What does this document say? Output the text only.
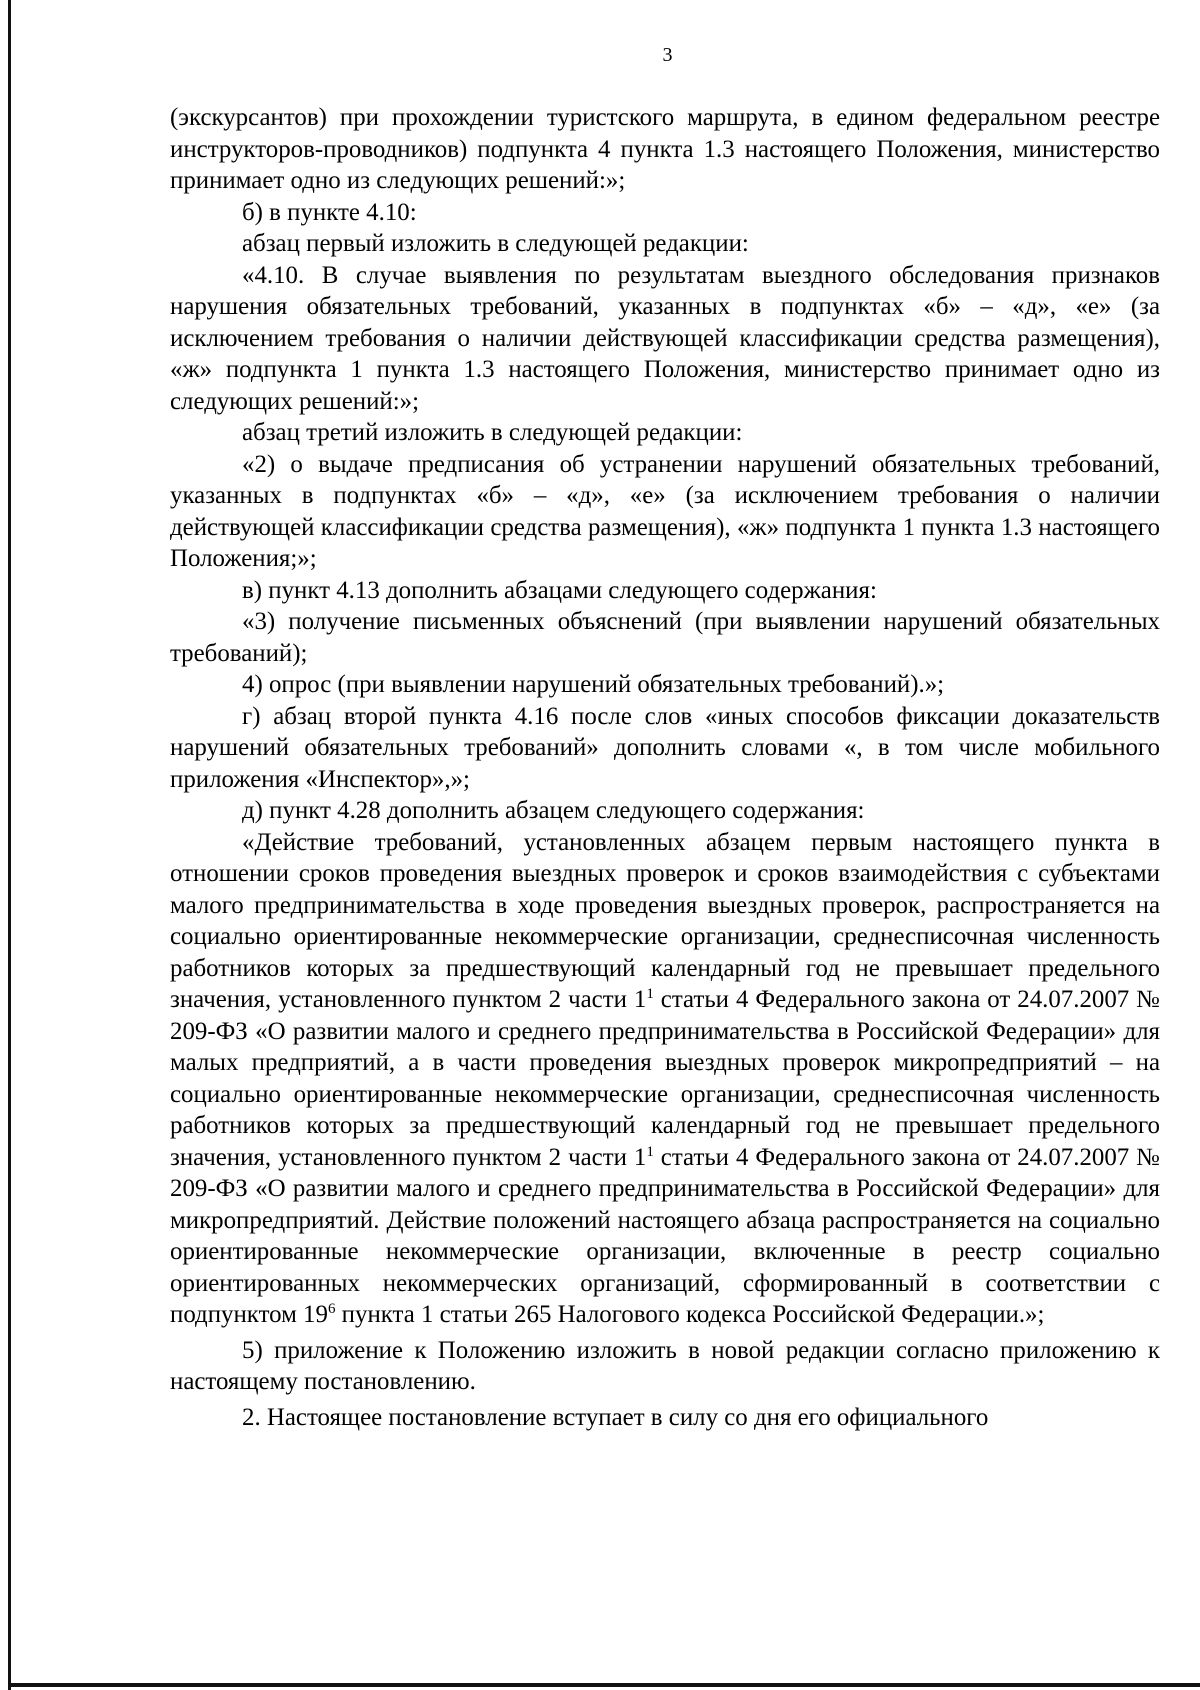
3

(экскурсантов) при прохождении туристского маршрута, в едином федеральном реестре инструкторов-проводников) подпункта 4 пункта 1.3 настоящего Положения, министерство принимает одно из следующих решений:»;

б) в пункте 4.10:

абзац первый изложить в следующей редакции:

«4.10. В случае выявления по результатам выездного обследования признаков нарушения обязательных требований, указанных в подпунктах «б» – «д», «е» (за исключением требования о наличии действующей классификации средства размещения), «ж» подпункта 1 пункта 1.3 настоящего Положения, министерство принимает одно из следующих решений:»;

абзац третий изложить в следующей редакции:

«2) о выдаче предписания об устранении нарушений обязательных требований, указанных в подпунктах «б» – «д», «е» (за исключением требования о наличии действующей классификации средства размещения), «ж» подпункта 1 пункта 1.3 настоящего Положения;»;

в) пункт 4.13 дополнить абзацами следующего содержания:

«3) получение письменных объяснений (при выявлении нарушений обязательных требований);

4) опрос (при выявлении нарушений обязательных требований).»;

г) абзац второй пункта 4.16 после слов «иных способов фиксации доказательств нарушений обязательных требований» дополнить словами «, в том числе мобильного приложения «Инспектор»,»;

д) пункт 4.28 дополнить абзацем следующего содержания:

«Действие требований, установленных абзацем первым настоящего пункта в отношении сроков проведения выездных проверок и сроков взаимодействия с субъектами малого предпринимательства в ходе проведения выездных проверок, распространяется на социально ориентированные некоммерческие организации, среднесписочная численность работников которых за предшествующий календарный год не превышает предельного значения, установленного пунктом 2 части $1^1$ статьи 4 Федерального закона от 24.07.2007 № 209-ФЗ «О развитии малого и среднего предпринимательства в Российской Федерации» для малых предприятий, а в части проведения выездных проверок микропредприятий – на социально ориентированные некоммерческие организации, среднесписочная численность работников которых за предшествующий календарный год не превышает предельного значения, установленного пунктом 2 части $1^1$ статьи 4 Федерального закона от 24.07.2007 № 209-ФЗ «О развитии малого и среднего предпринимательства в Российской Федерации» для микропредприятий. Действие положений настоящего абзаца распространяется на социально ориентированные некоммерческие организации, включенные в реестр социально ориентированных некоммерческих организаций, сформированный в соответствии с подпунктом $19^6$ пункта 1 статьи 265 Налогового кодекса Российской Федерации.»;

5) приложение к Положению изложить в новой редакции согласно приложению к настоящему постановлению.

2. Настоящее постановление вступает в силу со дня его официального
